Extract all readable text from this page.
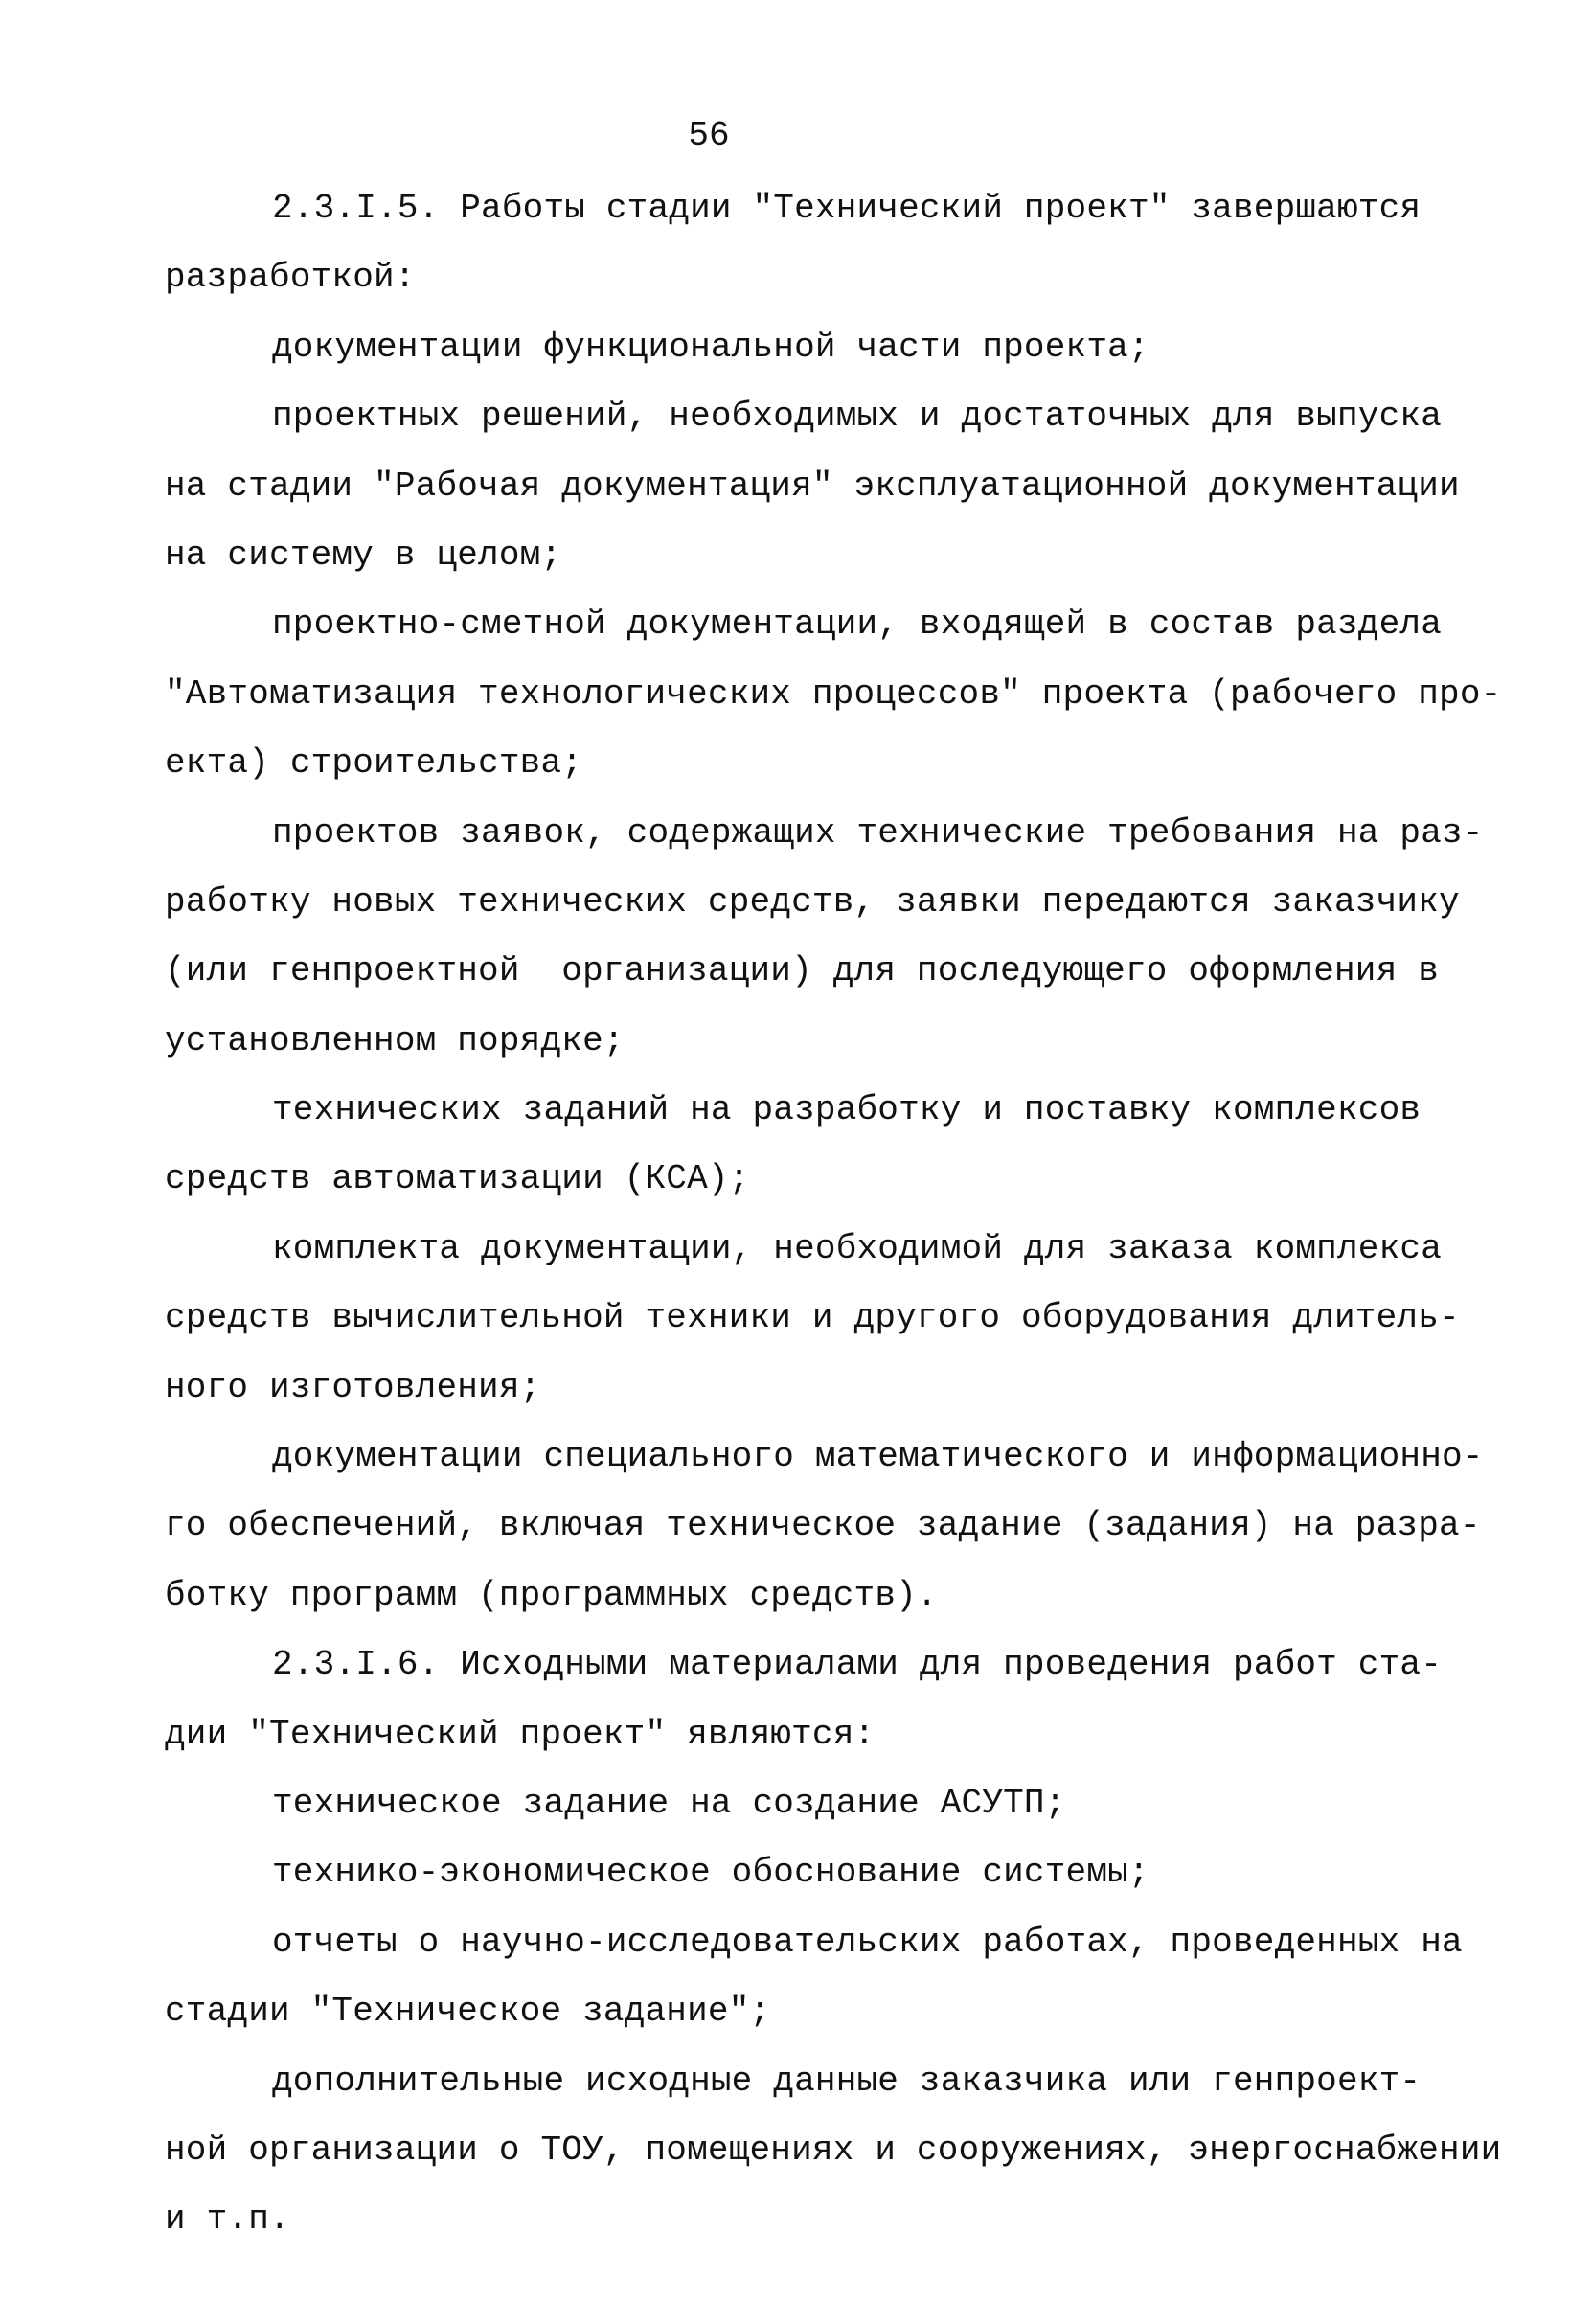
56
2.3.I.5. Работы стадии "Технический проект" завершаются
разработкой:
документации функциональной части проекта;
проектных решений, необходимых и достаточных для выпуска
на стадии "Рабочая документация" эксплуатационной документации
на систему в целом;
проектно-сметной документации, входящей в состав раздела
"Автоматизация технологических процессов" проекта (рабочего про-
екта) строительства;
проектов заявок, содержащих технические требования на раз-
работку новых технических средств, заявки передаются заказчику
(или генпроектной  организации) для последующего оформления в
установленном порядке;
технических заданий на разработку и поставку комплексов
средств автоматизации (КСА);
комплекта документации, необходимой для заказа комплекса
средств вычислительной техники и другого оборудования длитель-
ного изготовления;
документации специального математического и информационно-
го обеспечений, включая техническое задание (задания) на разра-
ботку программ (программных средств).
2.3.I.6. Исходными материалами для проведения работ ста-
дии "Технический проект" являются:
техническое задание на создание АСУТП;
технико-экономическое обоснование системы;
отчеты о научно-исследовательских работах, проведенных на
стадии "Техническое задание";
дополнительные исходные данные заказчика или генпроект-
ной организации о ТОУ, помещениях и сооружениях, энергоснабжении
и т.п.
